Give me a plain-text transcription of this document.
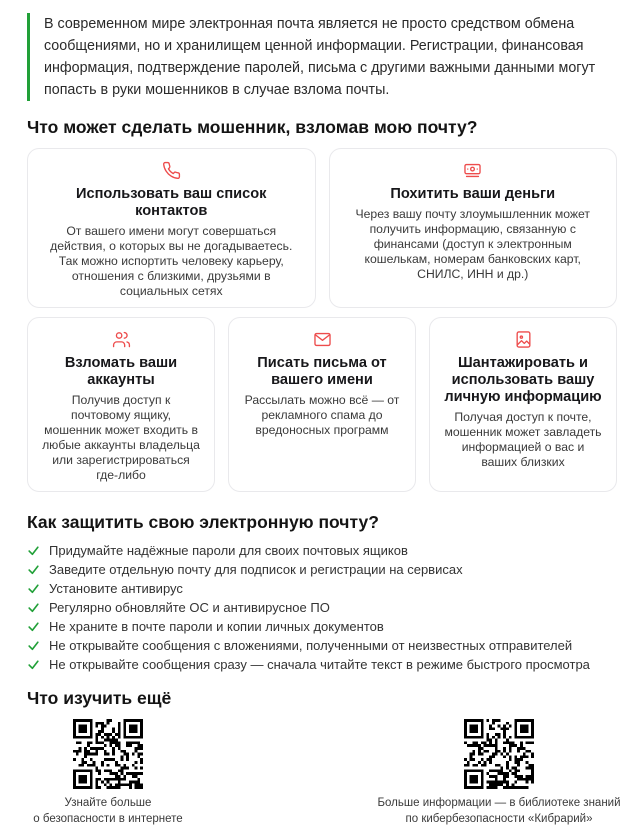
В современном мире электронная почта является не просто средством обмена сообщениями, но и хранилищем ценной информации. Регистрации, финансовая информация, подтверждение паролей, письма с другими важными данными могут попасть в руки мошенников в случае взлома почты.
Что может сделать мошенник, взломав мою почту?
Использовать ваш список контактов
От вашего имени могут совершаться действия, о которых вы не догадываетесь. Так можно испортить человеку карьеру, отношения с близкими, друзьями в социальных сетях
Похитить ваши деньги
Через вашу почту злоумышленник может получить информацию, связанную с финансами (доступ к электронным кошелькам, номерам банковских карт, СНИЛС, ИНН и др.)
Взломать ваши аккаунты
Получив доступ к почтовому ящику, мошенник может входить в любые аккаунты владельца или зарегистрироваться где-либо
Писать письма от вашего имени
Рассылать можно всё — от рекламного спама до вредоносных программ
Шантажировать и использовать вашу личную информацию
Получая доступ к почте, мошенник может завладеть информацией о вас и ваших близких
Как защитить свою электронную почту?
Придумайте надёжные пароли для своих почтовых ящиков
Заведите отдельную почту для подписок и регистрации на сервисах
Установите антивирус
Регулярно обновляйте ОС и антивирусное ПО
Не храните в почте пароли и копии личных документов
Не открывайте сообщения с вложениями, полученными от неизвестных отправителей
Не открывайте сообщения сразу — сначала читайте текст в режиме быстрого просмотра
Что изучить ещё
Узнайте больше
о безопасности в интернете
Больше информации — в библиотеке знаний
по кибербезопасности «Кибрарий»
